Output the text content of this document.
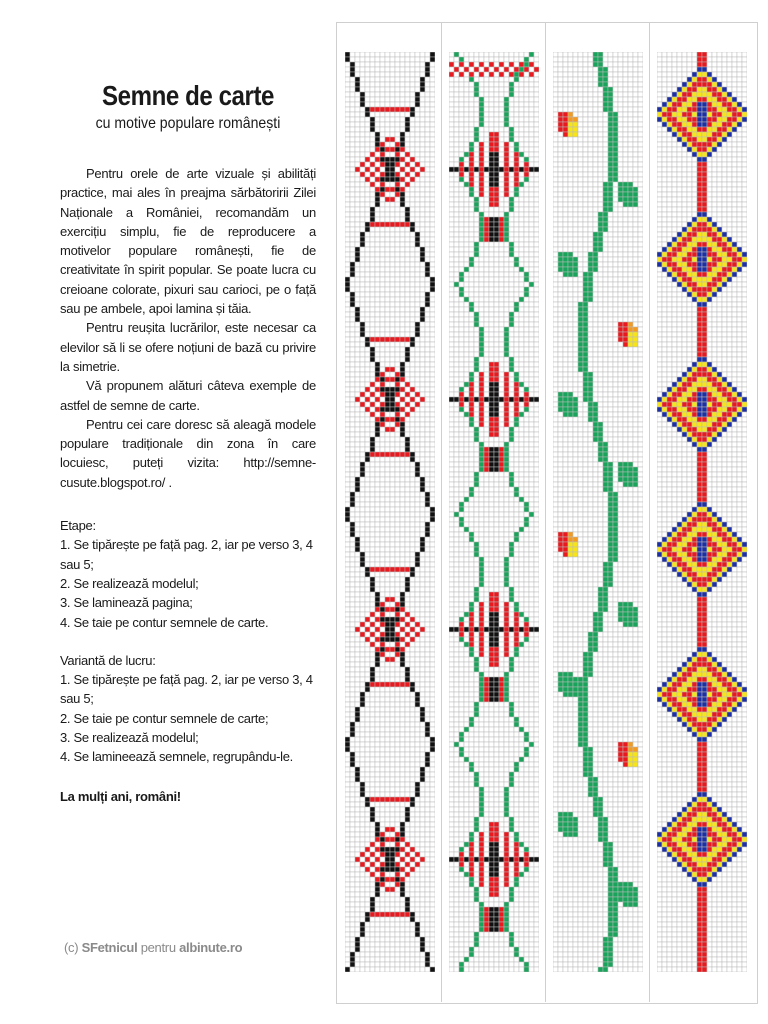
Semne de carte
cu motive populare românești

Pentru orele de arte vizuale și abilități practice, mai ales în preajma sărbătoririi Zilei Naționale a României, recomandăm un exercițiu simplu, fie de reproducere a motivelor populare românești, fie de creativitate în spirit popular. Se poate lucra cu creioane colorate, pixuri sau carioci, pe o față sau pe ambele, apoi lamina și tăia.

Pentru reușita lucrărilor, este necesar ca elevilor să li se ofere noțiuni de bază cu privire la simetrie.

Vă propunem alături câteva exemple de astfel de semne de carte.

Pentru cei care doresc să aleagă modele populare tradiționale din zona în care locuiesc, puteți vizita: http://semne-cusute.blogspot.ro/ .

Etape:
1. Se tipărește pe față pag. 2, iar pe verso 3, 4 sau 5;
2. Se realizează modelul;
3. Se laminează pagina;
4. Se taie pe contur semnele de carte.
Variantă de lucru:
1. Se tipărește pe față pag. 2, iar pe verso 3, 4 sau 5;
2. Se taie pe contur semnele de carte;
3. Se realizează modelul;
4. Se lamineează semnele, regrupându-le.
La mulți ani, români!
(c) SFetnicul pentru albinute.ro
